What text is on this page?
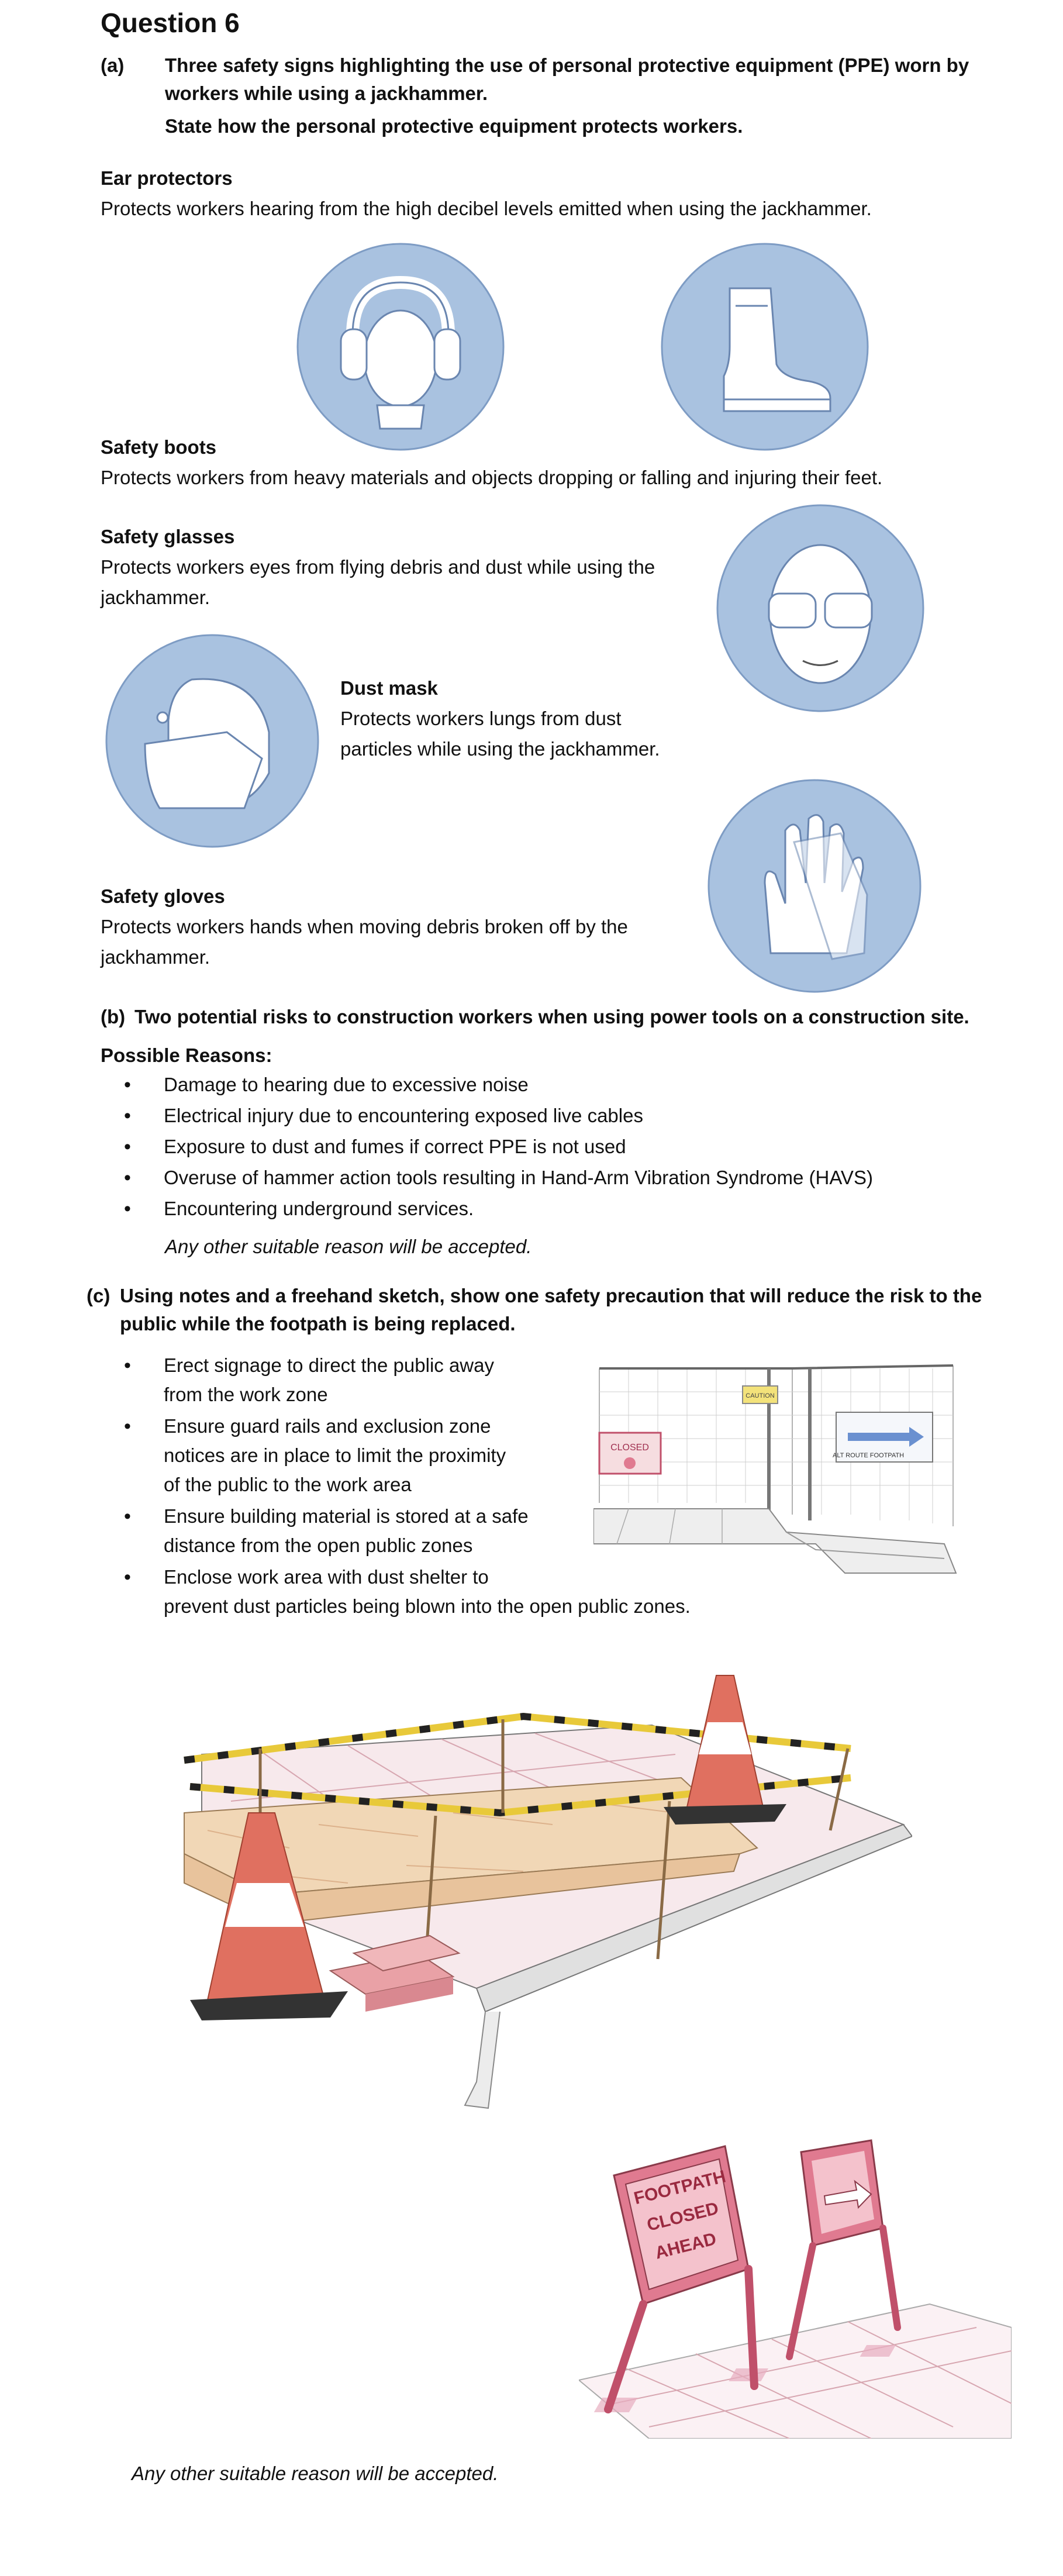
Question 6
(a) Three safety signs highlighting the use of personal protective equipment (PPE) worn by
workers while using a jackhammer.
State how the personal protective equipment protects workers.
Ear protectors
Protects workers hearing from the high decibel levels emitted when using the jackhammer.
Safety boots
Protects workers from heavy materials and objects dropping or falling and injuring their feet.
Safety glasses
Protects workers eyes from flying debris and dust while using the
jackhammer.
Dust mask
Protects workers lungs from dust
particles while using the jackhammer.
Safety gloves
Protects workers hands when moving debris broken off by the
jackhammer.
(b) Two potential risks to construction workers when using power tools on a construction site.
Possible Reasons:
• Damage to hearing due to excessive noise
• Electrical injury due to encountering exposed live cables
• Exposure to dust and fumes if correct PPE is not used
• Overuse of hammer action tools resulting in Hand-Arm Vibration Syndrome (HAVS)
• Encountering underground services.
Any other suitable reason will be accepted.
(c) Using notes and a freehand sketch, show one safety precaution that will reduce the risk to the
public while the footpath is being replaced.
• Erect signage to direct the public away
from the work zone
• Ensure guard rails and exclusion zone
notices are in place to limit the proximity
of the public to the work area
• Ensure building material is stored at a safe
distance from the open public zones
• Enclose work area with dust shelter to
prevent dust particles being blown into the open public zones.
CLOSED
CAUTION
ALT ROUTE FOOTPATH
FOOTPATH
CLOSED
AHEAD
Any other suitable reason will be accepted.
